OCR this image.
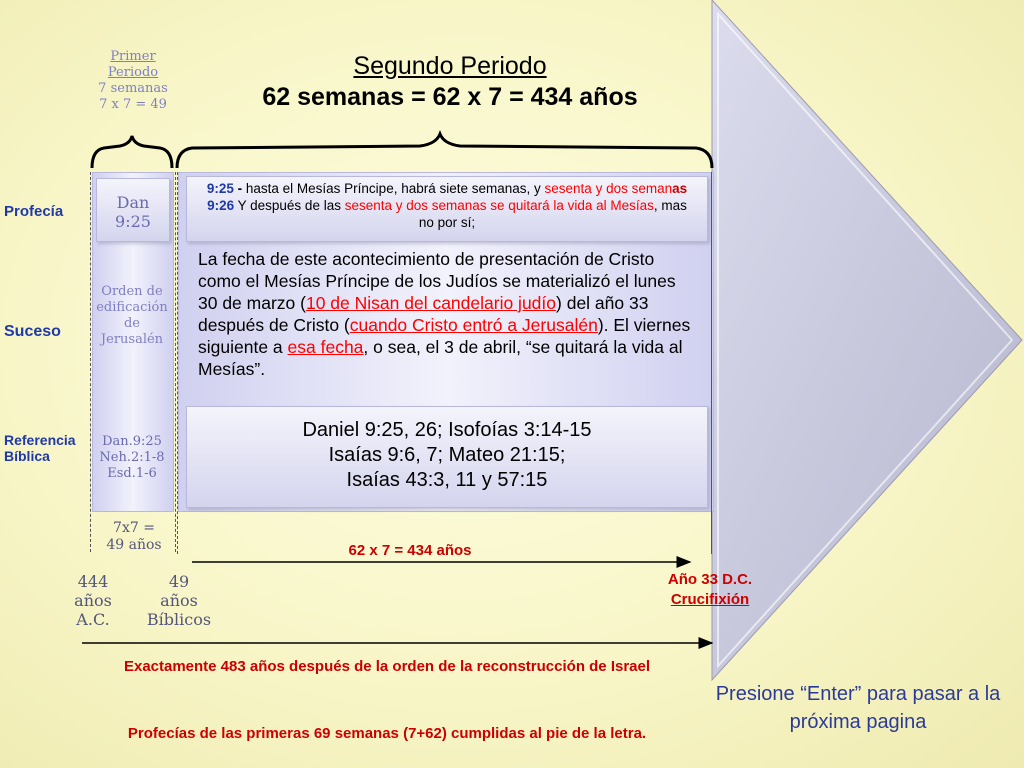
Segundo Periodo
62 semanas = 62 x 7 = 434 años
Primer
Periodo
7 semanas
7 x 7 = 49
Profecía
Suceso
Referencia
Bíblica
Dan
9:25
Orden de
edificación
de
Jerusalén
Dan.9:25
Neh.2:1-8
Esd.1-6
7x7 =
49 años
9:25 - hasta el Mesías Príncipe, habrá siete semanas, y sesenta y dos semanas 9:26 Y después de las sesenta y dos semanas se quitará la vida al Mesías, mas no por sí;
La fecha de este acontecimiento de presentación de Cristo como el Mesías Príncipe de los Judíos se materializó el lunes 30 de marzo (10 de Nisan del candelario judío) del año 33 después de Cristo (cuando Cristo entró a Jerusalén). El viernes siguiente a esa fecha, o sea, el 3 de abril, “se quitará la vida al Mesías”.
Daniel 9:25, 26; Isofoías 3:14-15
Isaías 9:6, 7; Mateo 21:15;
Isaías 43:3, 11 y 57:15
62 x 7 = 434 años
444
años
A.C.
49
años
Bíblicos
Año 33 D.C.
Crucifixión
Exactamente 483 años después de la orden de la reconstrucción de Israel
Profecías de las primeras 69 semanas (7+62) cumplidas al pie de la letra.
Presione “Enter” para pasar a la próxima pagina
